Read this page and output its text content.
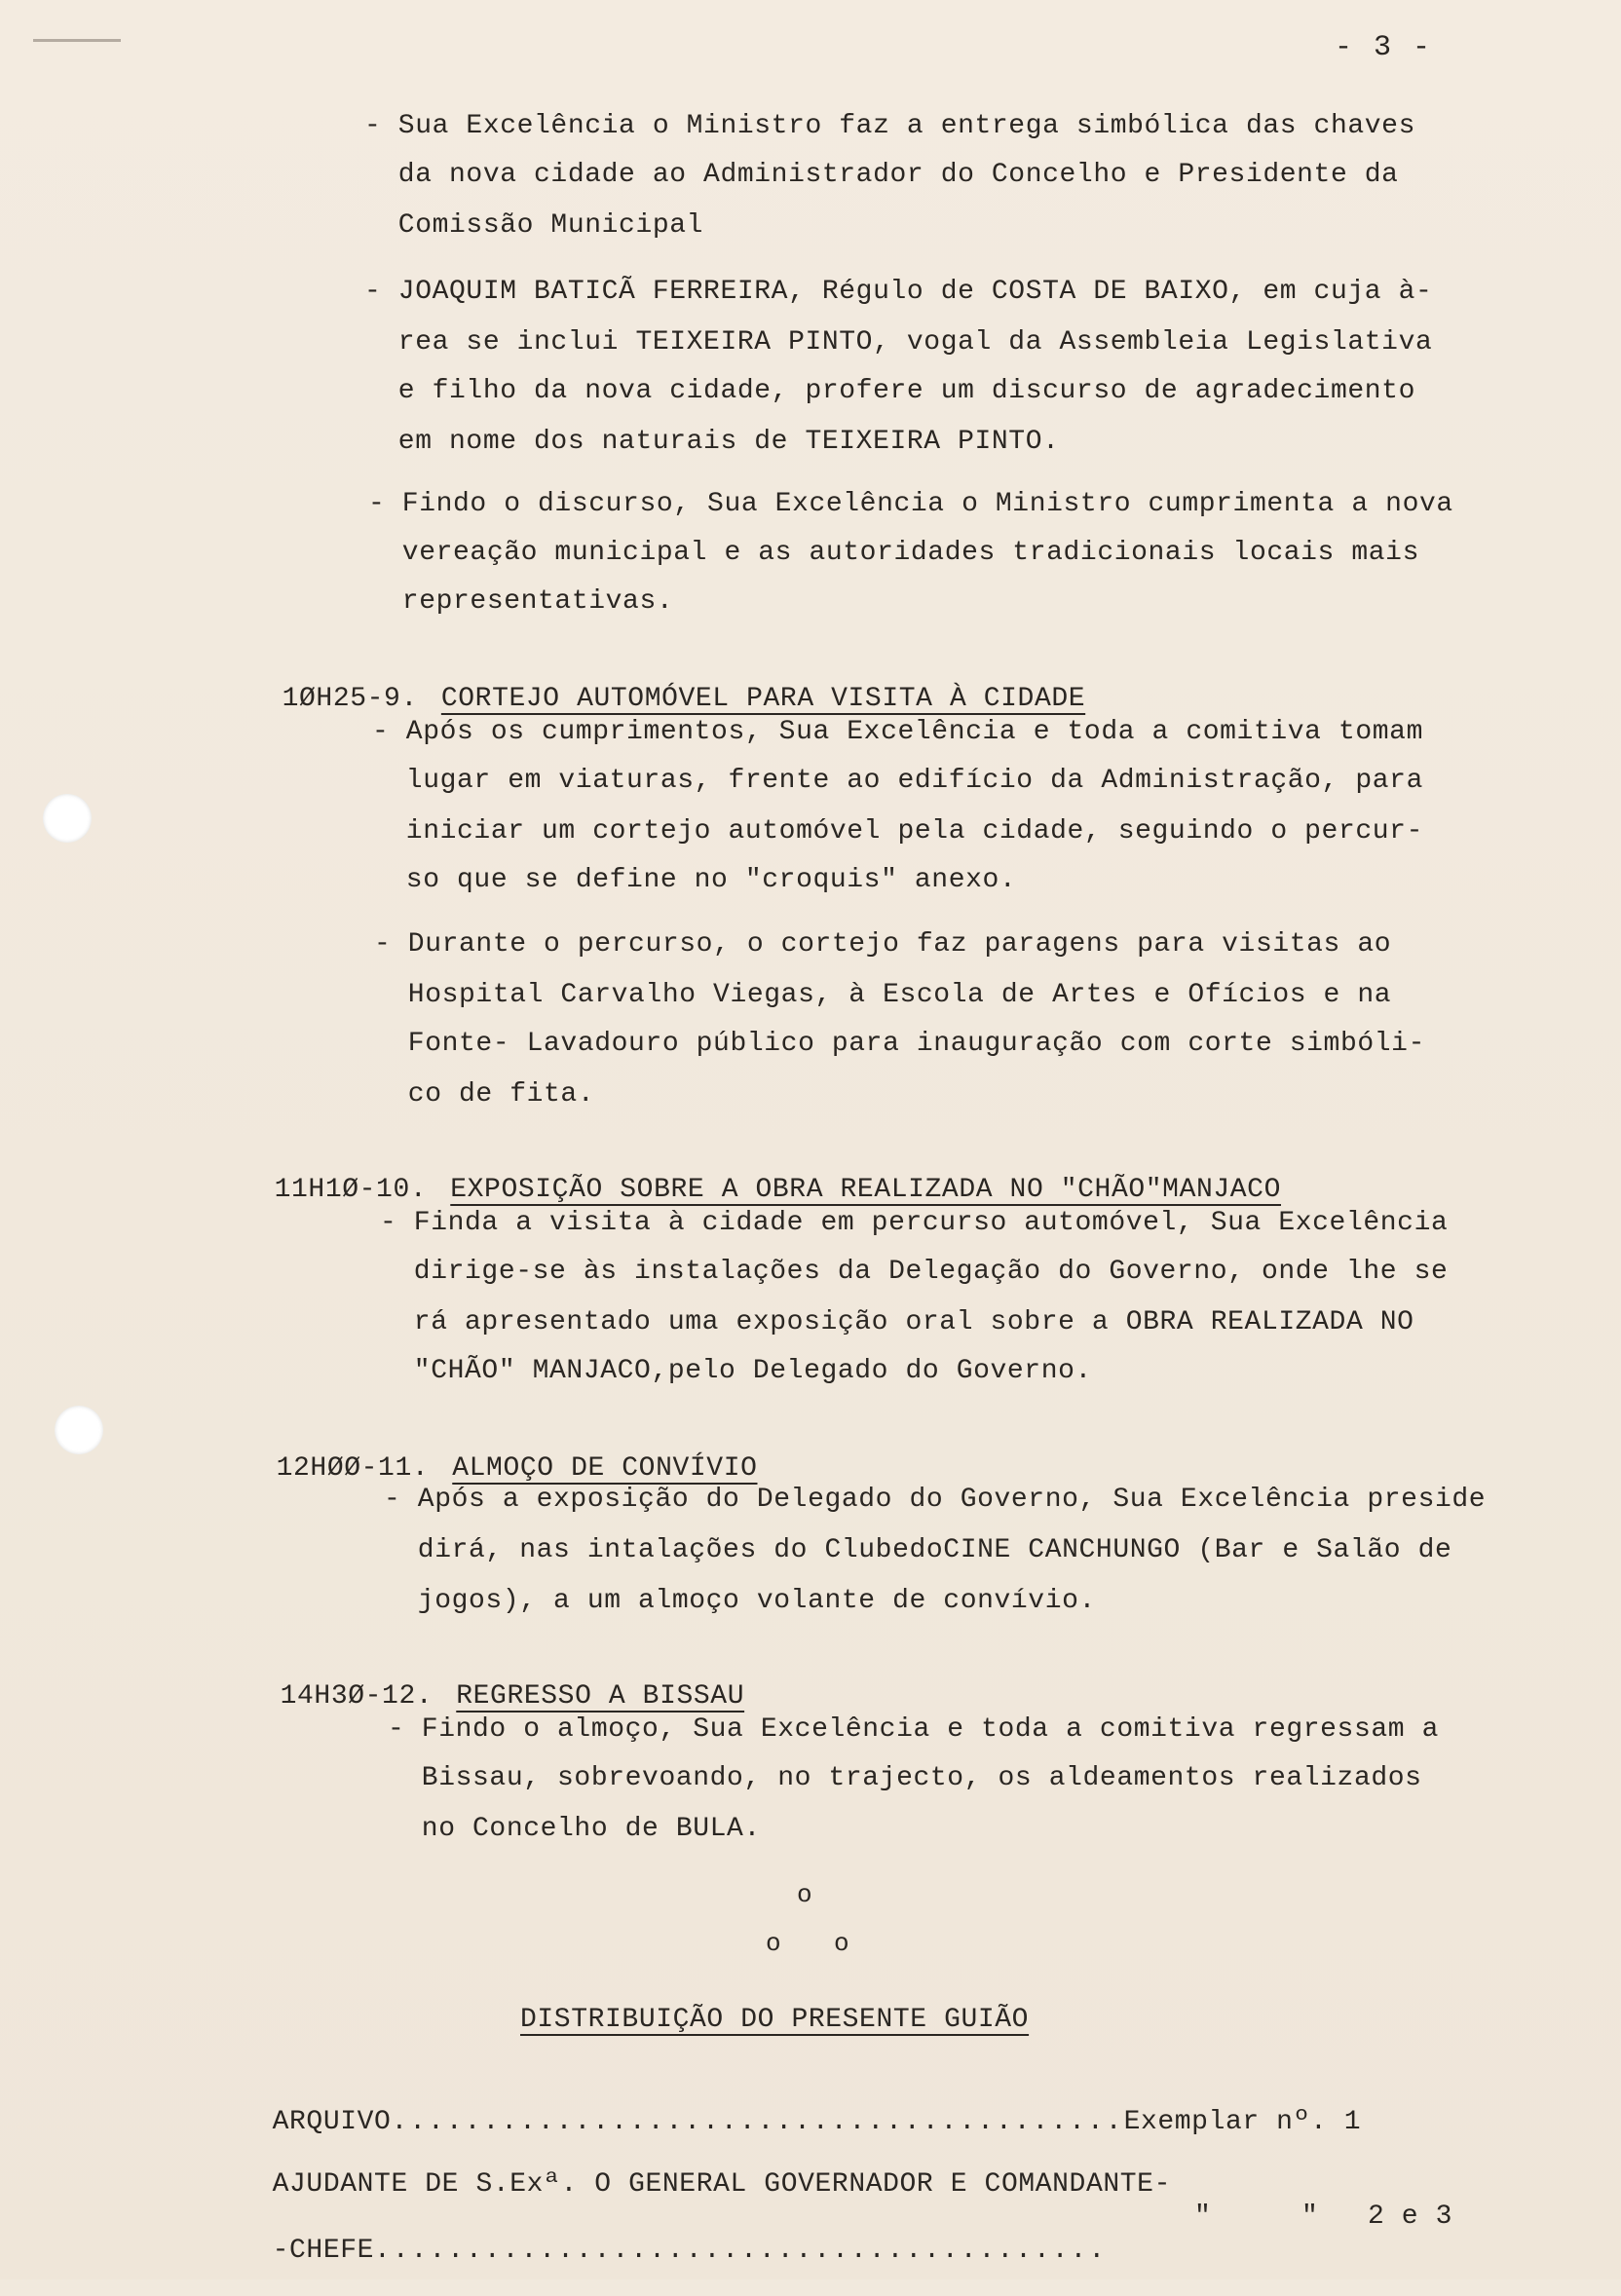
- 3 -
- Sua Excelência o Ministro faz a entrega simbólica das chaves
da nova cidade ao Administrador do Concelho e Presidente da
Comissão Municipal
- JOAQUIM BATICÃ FERREIRA, Régulo de COSTA DE BAIXO, em cuja à-
rea se inclui TEIXEIRA PINTO, vogal da Assembleia Legislativa
e filho da nova cidade, profere um discurso de agradecimento
em nome dos naturais de TEIXEIRA PINTO.
- Findo o discurso, Sua Excelência o Ministro cumprimenta a nova
vereação municipal e as autoridades tradicionais locais mais
representativas.

1ØH25-9. CORTEJO AUTOMÓVEL PARA VISITA À CIDADE

- Após os cumprimentos, Sua Excelência e toda a comitiva tomam
lugar em viaturas, frente ao edifício da Administração, para
iniciar um cortejo automóvel pela cidade, seguindo o percur-
so que se define no "croquis" anexo.
- Durante o percurso, o cortejo faz paragens para visitas ao
Hospital Carvalho Viegas, à Escola de Artes e Ofícios e na
Fonte- Lavadouro público para inauguração com corte simbóli-
co de fita.

11H1Ø-10. EXPOSIÇÃO SOBRE A OBRA REALIZADA NO "CHÃO"MANJACO

- Finda a visita à cidade em percurso automóvel, Sua Excelência
dirige-se às instalações da Delegação do Governo, onde lhe se
rá apresentado uma exposição oral sobre a OBRA REALIZADA NO
"CHÃO" MANJACO,pelo Delegado do Governo.

12HØØ-11. ALMOÇO DE CONVÍVIO

- Após a exposição do Delegado do Governo, Sua Excelência preside
dirá, nas intalações do ClubedoCINE CANCHUNGO (Bar e Salão de
jogos), a um almoço volante de convívio.

14H3Ø-12. REGRESSO A BISSAU

- Findo o almoço, Sua Excelência e toda a comitiva regressam a
Bissau, sobrevoando, no trajecto, os aldeamentos realizados
no Concelho de BULA.
o
o o
DISTRIBUIÇÃO DO PRESENTE GUIÃO

ARQUIVO........................................Exemplar nº. 1

AJUDANTE DE S.Exª. O GENERAL GOVERNADOR E COMANDANTE-

-CHEFE........................................

"	" 2 e 3
